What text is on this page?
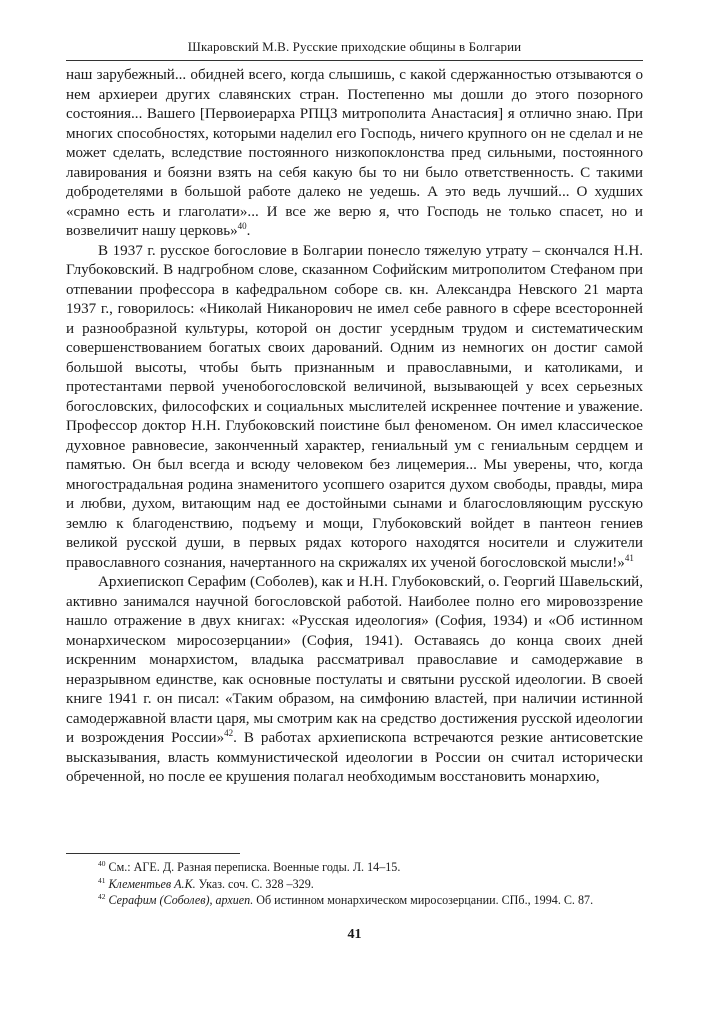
Шкаровский М.В. Русские приходские общины в Болгарии

наш зарубежный... обидней всего, когда слышишь, с какой сдержанностью отзываются о нем архиереи других славянских стран. Постепенно мы дошли до этого позорного состояния... Вашего [Первоиерарха РПЦЗ митрополита Анастасия] я отлично знаю. При многих способностях, которыми наделил его Господь, ничего крупного он не сделал и не может сделать, вследствие постоянного низкопоклонства пред сильными, постоянного лавирования и боязни взять на себя какую бы то ни было ответственность. С такими добродетелями в большой работе далеко не уедешь. А это ведь лучший... О худших «срамно есть и глаголати»... И все же верю я, что Господь не только спасет, но и возвеличит нашу церковь»$^{40}$.

В 1937 г. русское богословие в Болгарии понесло тяжелую утрату – скончался Н.Н. Глубоковский. В надгробном слове, сказанном Софийским митрополитом Стефаном при отпевании профессора в кафедральном соборе св. кн. Александра Невского 21 марта 1937 г., говорилось: «Николай Никанорович не имел себе равного в сфере всесторонней и разнообразной культуры, которой он достиг усердным трудом и систематическим совершенствованием богатых своих дарований. Одним из немногих он достиг самой большой высоты, чтобы быть признанным и православными, и католиками, и протестантами первой ученобогословской величиной, вызывающей у всех серьезных богословских, философских и социальных мыслителей искреннее почтение и уважение. Профессор доктор Н.Н. Глубоковский поистине был феноменом. Он имел классическое духовное равновесие, законченный характер, гениальный ум с гениальным сердцем и памятью. Он был всегда и всюду человеком без лицемерия... Мы уверены, что, когда многострадальная родина знаменитого усопшего озарится духом свободы, правды, мира и любви, духом, витающим над ее достойными сынами и благословляющим русскую землю к благоденствию, подъему и мощи, Глубоковский войдет в пантеон гениев великой русской души, в первых рядах которого находятся носители и служители православного сознания, начертанного на скрижалях их ученой богословской мысли!»$^{41}$

Архиепископ Серафим (Соболев), как и Н.Н. Глубоковский, о. Георгий Шавельский, активно занимался научной богословской работой. Наиболее полно его мировоззрение нашло отражение в двух книгах: «Русская идеология» (София, 1934) и «Об истинном монархическом миросозерцании» (София, 1941). Оставаясь до конца своих дней искренним монархистом, владыка рассматривал православие и самодержавие в неразрывном единстве, как основные постулаты и святыни русской идеологии. В своей книге 1941 г. он писал: «Таким образом, на симфонию властей, при наличии истинной самодержавной власти царя, мы смотрим как на средство достижения русской идеологии и возрождения России»$^{42}$. В работах архиепископа встречаются резкие антисоветские высказывания, власть коммунистической идеологии в России он считал исторически обреченной, но после ее крушения полагал необходимым восстановить монархию,

$^{40}$ См.: АГЕ. Д. Разная переписка. Военные годы. Л. 14–15.

$^{41}$ Клементьев А.К. Указ. соч. С. 328 –329.

$^{42}$ Серафим (Соболев), архиеп. Об истинном монархическом миросозерцании. СПб., 1994. С. 87.

41
